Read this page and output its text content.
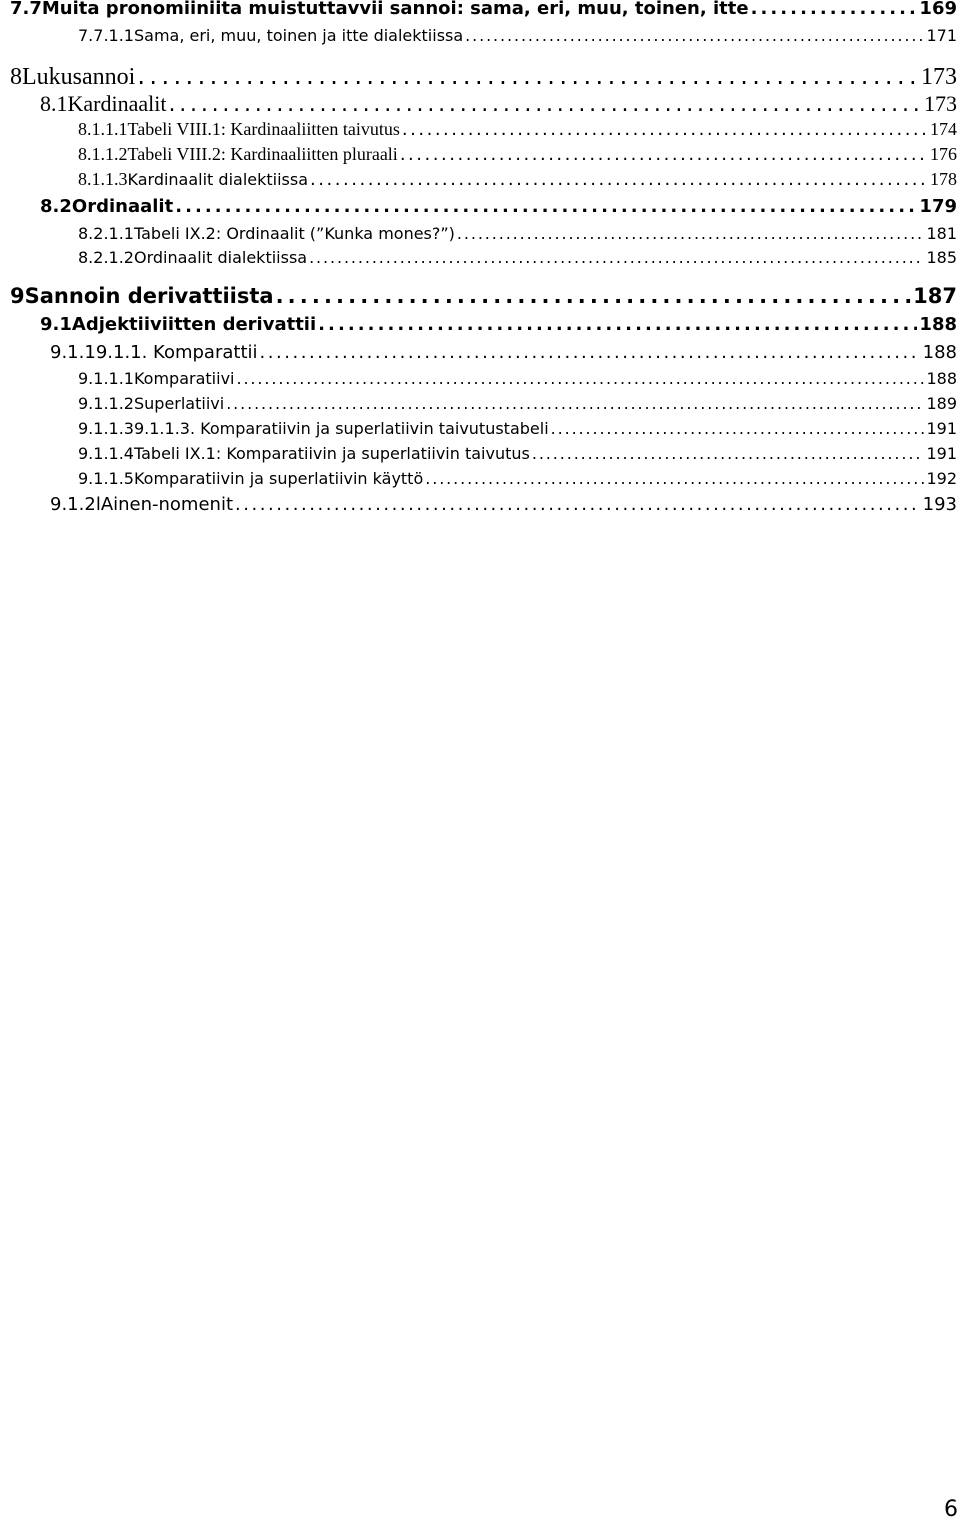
7.7 Muita pronomiiniita muistuttavvii sannoi: sama, eri, muu, toinen, itte . . .	169
7.7.1.1 Sama, eri, muu, toinen ja itte dialektiissa . . .	171
8 Lukusannoi . . .	173
8.1 Kardinaalit . . .	173
8.1.1.1 Tabeli VIII.1: Kardinaaliitten taivutus . . .	174
8.1.1.2 Tabeli VIII.2: Kardinaaliitten pluraali . . .	176
8.1.1.3 Kardinaalit dialektiissa . . .	178
8.2 Ordinaalit . . .	179
8.2.1.1 Tabeli IX.2: Ordinaalit (”Kunka mones?”) . . .	181
8.2.1.2 Ordinaalit dialektiissa . . .	185
9 Sannoin derivattiista . . .	187
9.1 Adjektiiviitten derivattii . . .	188
9.1.1 9.1.1. Komparattii . . .	188
9.1.1.1 Komparatiivi . . .	188
9.1.1.2 Superlatiivi . . .	189
9.1.1.3 9.1.1.3. Komparatiivin ja superlatiivin taivutustabeli . . .	191
9.1.1.4 Tabeli IX.1: Komparatiivin ja superlatiivin taivutus . . .	191
9.1.1.5 Komparatiivin ja superlatiivin käyttö . . .	192
9.1.2 lAinen-nomenit . . .	193
6
